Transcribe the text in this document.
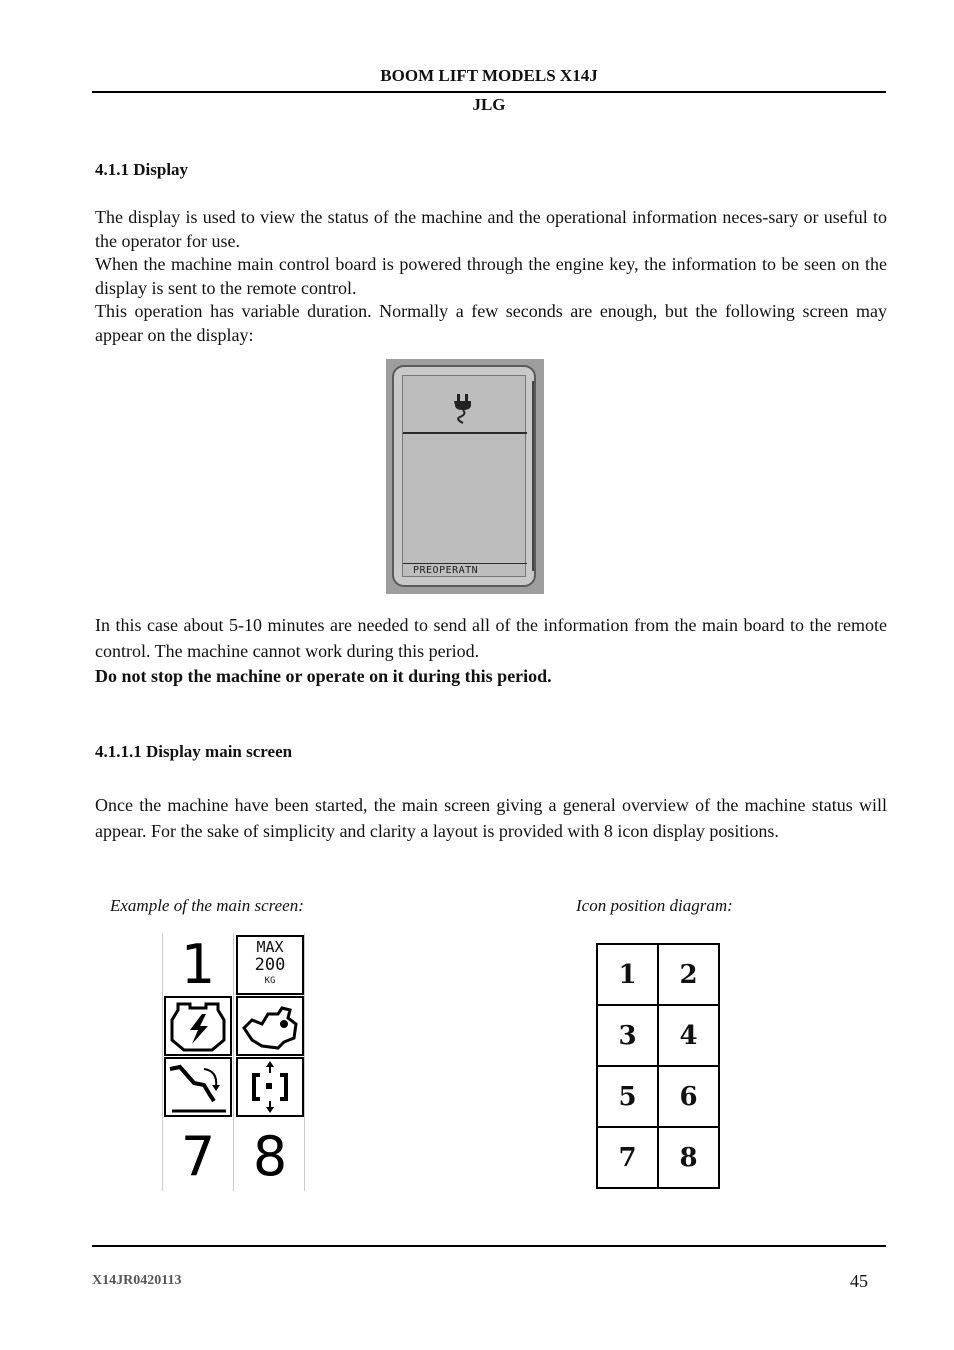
BOOM LIFT MODELS X14J
JLG
4.1.1 Display

The display is used to view the status of the machine and the operational information neces-sary or useful to the operator for use.

When the machine main control board is powered through the engine key, the information to be seen on the display is sent to the remote control.

This operation has variable duration. Normally a few seconds are enough, but the following screen may appear on the display:

PREOPERATN

In this case about 5-10 minutes are needed to send all of the information from the main board to the remote control. The machine cannot work during this period.

Do not stop the machine or operate on it during this period.

4.1.1.1 Display main screen

Once the machine have been started, the main screen giving a general overview of the machine status will appear. For the sake of simplicity and clarity a layout is provided with 8 icon display positions.

Example of the main screen:	Icon position diagram:
1	MAX
200
KG
7 8
1	2
3	4
5	6
7	8
X14JR0420113	45
